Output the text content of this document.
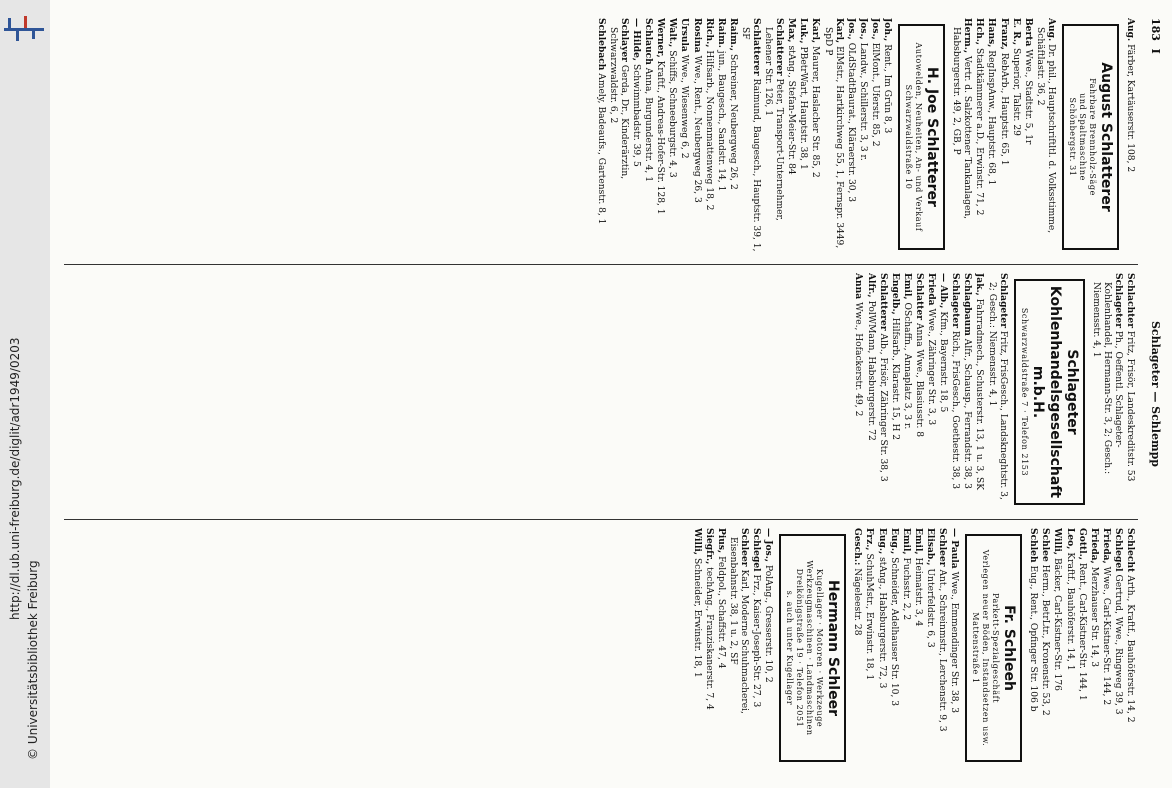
http://dl.ub.uni-freiburg.de/diglit/adr1949/0203
© Universitätsbibliothek Freiburg
183  I
Schlageter — Schlempp

Aug. Färber, Kartäuserstr. 108, 2

August Schlatterer
Fahrbare Brennholz-Säge
und Spaltmaschine
Schönbergstr. 31

Aug. Dr. phil., Hauptschriftltl. d. Volksstimme, Schäftlastr. 36, 2

Berta Wwe., Stadtstr. 5, 1r

E. R., Superior, Talstr. 29

Franz, RebArb., Hauptstr. 65, 1

Hans, RegInspAnw., Hauptstr. 68, 1

Hch., Stadtkämmerer a.D., Erwinstr. 71, 2

Herm., Vertr. d. Salzkottener Tankanlagen, Habsburgerstr. 49, 2, GB, P

H. Joe Schlatterer
Autowelden, Neuheiten, An- und Verkauf
Schwarzwaldstraße 10

Joh., Rent., Im Grün 8, 3

Jos., ElMont., Uferstr. 85, 2

Jos., Landw., Schillerstr. 3, 3 r.

Jos., OLdStadtBaurat., Kläraerstr. 30, 3

Karl, ElMstr., Hartkirchweg 55, 1, Fernspr. 3449, SpD P

Karl, Maurer, Haslacher Str. 85, 2

Luk., PBetrWart, Hauptstr. 38, 1

Max, stAng., Stefan-Meier-Str. 84

Schlatterer Peter, Transport-Unternehmer, Lehener Str. 126, 1

Schlatterer Raimund, Baugesch., Hauptstr. 39, 1, SF

Raim., Schreiner, Neubergweg 26, 2

Raim. jun., Baugesch., Sandstr. 14, 1

Rich., Hilfsarb., Nonnenmattenweg 18, 2

Rosina Wwe., Rent., Neubergweg 26, 3

Ursula Wwe., Wiesenweg 6, 2

Walt., Schiffs, Schneeburgstr. 4, 3

Werner, Kraftf., Andreas-Hofer-Str. 128, 1

Schlauch Anna, Burgunderstr. 4, 1

— Hilde, Schwimmbadstr. 39, 5

Schlayer Gerda, Dr., Kinderärztin, Schwarzwaldstr. 6, 2

Schlebach Amely, Badeaufs., Gartenstr. 8, 1

Schlachter Fritz, Frisör, Landeskreditstr. 53

Schlageter Ph., Oeffentl. Schlageter-Kohlenhandel, Hermann-Str. 3, 2; Gesch.: Niemensstr. 4, 1

Schlageter Kohlenhandelsgesellschaft m.b.H.
Schwarzwaldstraße 7 · Telefon 2153

Schlageter Fritz, FrisGesch., Landskneghtstr. 3, 2; Gesch.: Niemensstr. 4, 1

Jak., Fahrradmech., Schusterstr. 13, 1 u. 3, SK

Schlagbaum Alfr., Schausp., Ferrandstr. 38, 3

Schlageter Rich., FrisGesch., Goethestr. 38, 3

— Alb., Kfm., Bayernstr. 18, 5

Frieda Wwe., Zähringer Str. 3, 3

Schlatter Anna Wwe., Blasiusstr. 8

Emil, OSchaffn., Annaplatz 3, 3 r.

Engelb., Hilfsarb., Klarastr. 15, H 2

Schlatterer Alb., Frisör, Zähringer Str. 38, 3

Alfr., PolWMann, Habsburgerstr. 72

Anna Wwe., Hofackerstr. 49, 2

Schlecht Arth., Kraftf., Bauhöferstr. 14, 2

Schlegel Gertrud, Wwe., Ringweg 39, 3

Frieda, Wwe., Carl-Kistner-Str. 144, 2

Frieda, Merzhauser Str. 14, 3

Gottl., Rent., Carl-Kistner-Str. 144, 1

Leo, Kraftf., Bauhöferstr. 14, 1

Willi, Bäcker, Carl-Kistner-Str. 176

Schlee Herm., BetrLtr., Kronenstr. 53, 2

Schleh Eug., Rent., Opfinger Str. 106 b

Fr. Schleeh
Parkett-Spezialgeschäft
Verlegen neuer Böden, Instandsetzen usw.
Mattenstraße 1

— Paula Wwe., Emmendinger Str. 38, 3

Schleer Ant., Schreinmstr., Lerchenstr. 9, 3

Elisab., Unterfeldstr. 6, 3

Emil, Heimatstr. 3, 4

Emil, Fuchsstr. 2, 2

Eug., Schneider, Adelhauser Str. 10, 3

Eug., stAng., Habsburgerstr. 72, 3

Frz., SchuhMstr., Erwinstr. 18, 1

Gesch.: Nägeleestr. 28

Hermann Schleer
Kugellager · Motoren · Werkzeuge
Werkzeugmaschinen · Landmaschinen
Dreikönigstraße 19 · Telefon 2051
s. auch unter Kugellager

— Jos., PolAng., Gresserstr. 10, 2

Schlegel Frz., Kaiser-Joseph-Str. 27, 3

Schleer Karl, Moderne Schuhmacherei, Eisenbahnstr. 38, 1 u. 2, SF

Pius, Feldpol., Schaffstr. 47, 4

Siegfr., techAng., Franziskanerstr. 7, 4

Willi, Schneider, Erwinstr. 18, 1
